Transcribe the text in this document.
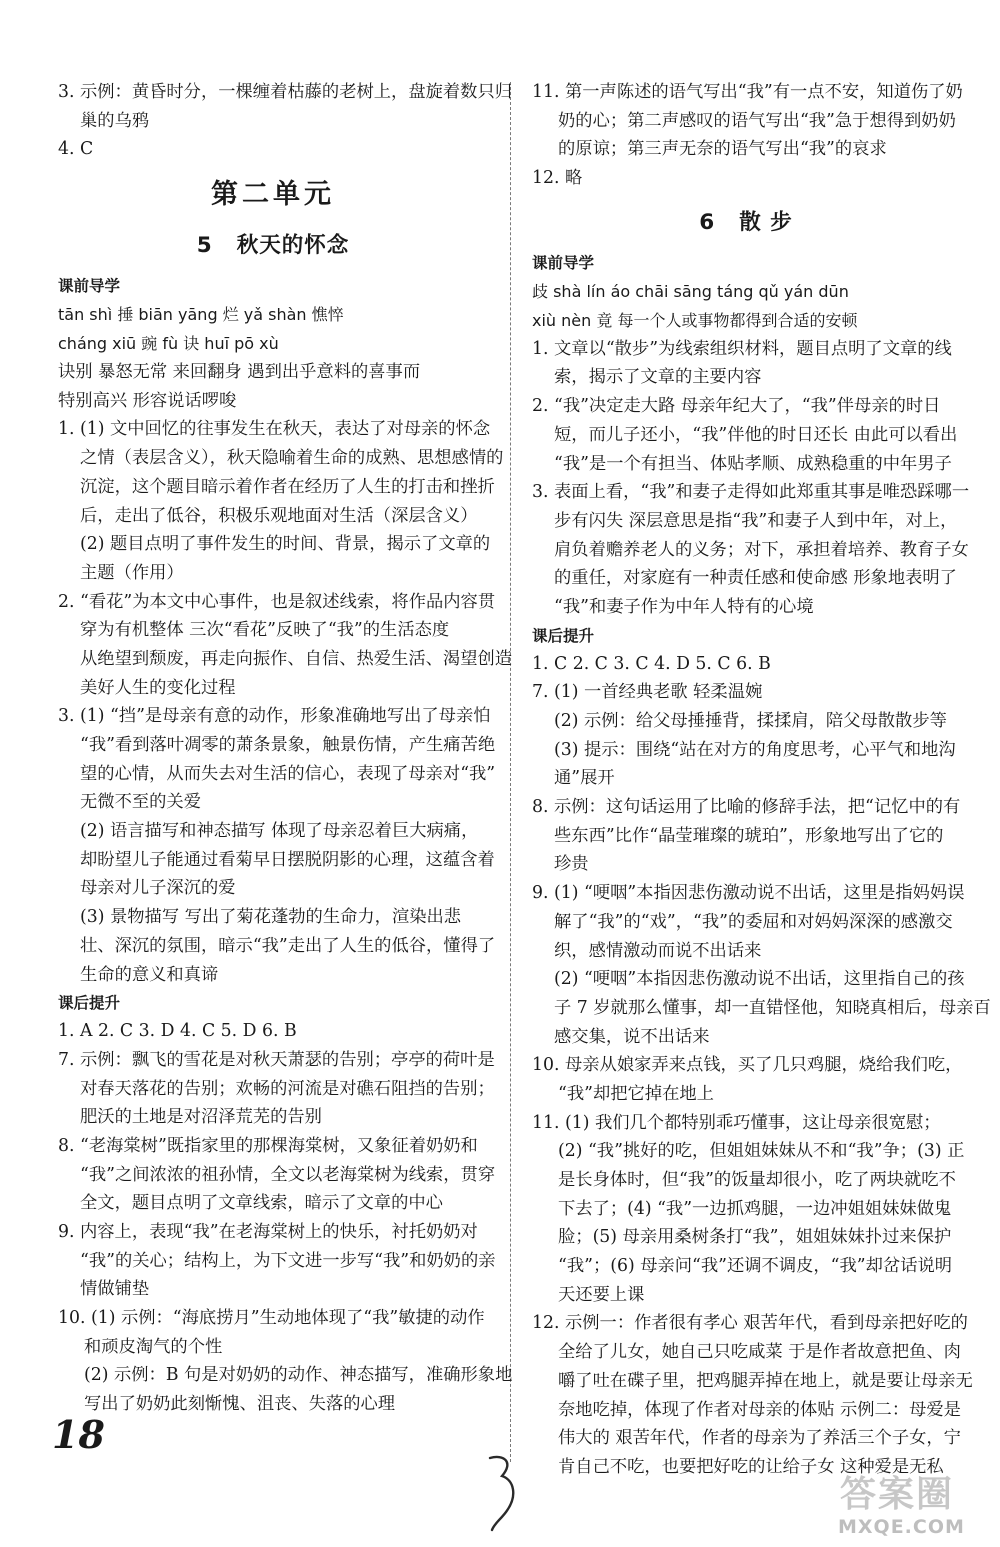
3. 示例：黄昏时分，一棵缠着枯藤的老树上，盘旋着数只归
巢的乌鸦
4. C
第二单元
5 秋天的怀念
课前导学
tān shì 捶 biān yāng 烂 yǎ shàn 憔悴
cháng xiū 豌 fù 诀 huī pō xù
诀别 暴怒无常 来回翻身 遇到出乎意料的喜事而
特别高兴 形容说话啰唆
1. (1) 文中回忆的往事发生在秋天，表达了对母亲的怀念
之情（表层含义），秋天隐喻着生命的成熟、思想感情的
沉淀，这个题目暗示着作者在经历了人生的打击和挫折
后，走出了低谷，积极乐观地面对生活（深层含义）
(2) 题目点明了事件发生的时间、背景，揭示了文章的
主题（作用）
2. “看花”为本文中心事件，也是叙述线索，将作品内容贯
穿为有机整体 三次“看花”反映了“我”的生活态度
从绝望到颓废，再走向振作、自信、热爱生活、渴望创造
美好人生的变化过程
3. (1) “挡”是母亲有意的动作，形象准确地写出了母亲怕
“我”看到落叶凋零的萧条景象，触景伤情，产生痛苦绝
望的心情，从而失去对生活的信心，表现了母亲对“我”
无微不至的关爱
(2) 语言描写和神态描写 体现了母亲忍着巨大病痛，
却盼望儿子能通过看菊早日摆脱阴影的心理，这蕴含着
母亲对儿子深沉的爱
(3) 景物描写 写出了菊花蓬勃的生命力，渲染出悲
壮、深沉的氛围，暗示“我”走出了人生的低谷，懂得了
生命的意义和真谛
课后提升
1. A 2. C 3. D 4. C 5. D 6. B
7. 示例：飘飞的雪花是对秋天萧瑟的告别；亭亭的荷叶是
对春天落花的告别；欢畅的河流是对礁石阻挡的告别；
肥沃的土地是对沼泽荒芜的告别
8. “老海棠树”既指家里的那棵海棠树，又象征着奶奶和
“我”之间浓浓的祖孙情，全文以老海棠树为线索，贯穿
全文，题目点明了文章线索，暗示了文章的中心
9. 内容上，表现“我”在老海棠树上的快乐，衬托奶奶对
“我”的关心；结构上，为下文进一步写“我”和奶奶的亲
情做铺垫
10. (1) 示例：“海底捞月”生动地体现了“我”敏捷的动作
和顽皮淘气的个性
(2) 示例：B 句是对奶奶的动作、神态描写，准确形象地
写出了奶奶此刻惭愧、沮丧、失落的心理
11. 第一声陈述的语气写出“我”有一点不安，知道伤了奶
奶的心；第二声感叹的语气写出“我”急于想得到奶奶
的原谅；第三声无奈的语气写出“我”的哀求
12. 略
6 散 步
课前导学
歧 shà lín áo chāi sāng táng qǔ yán dūn
xiù nèn 竟 每一个人或事物都得到合适的安顿
1. 文章以“散步”为线索组织材料，题目点明了文章的线
索，揭示了文章的主要内容
2. “我”决定走大路 母亲年纪大了，“我”伴母亲的时日
短，而儿子还小，“我”伴他的时日还长 由此可以看出
“我”是一个有担当、体贴孝顺、成熟稳重的中年男子
3. 表面上看，“我”和妻子走得如此郑重其事是唯恐踩哪一
步有闪失 深层意思是指“我”和妻子人到中年，对上，
肩负着赡养老人的义务；对下，承担着培养、教育子女
的重任，对家庭有一种责任感和使命感 形象地表明了
“我”和妻子作为中年人特有的心境
课后提升
1. C 2. C 3. C 4. D 5. C 6. B
7. (1) 一首经典老歌 轻柔温婉
(2) 示例：给父母捶捶背，揉揉肩，陪父母散散步等
(3) 提示：围绕“站在对方的角度思考，心平气和地沟
通”展开
8. 示例：这句话运用了比喻的修辞手法，把“记忆中的有
些东西”比作“晶莹璀璨的琥珀”，形象地写出了它的
珍贵
9. (1) “哽咽”本指因悲伤激动说不出话，这里是指妈妈误
解了“我”的“戏”，“我”的委屈和对妈妈深深的感激交
织，感情激动而说不出话来
(2) “哽咽”本指因悲伤激动说不出话，这里指自己的孩
子 7 岁就那么懂事，却一直错怪他，知晓真相后，母亲百
感交集，说不出话来
10. 母亲从娘家弄来点钱，买了几只鸡腿，烧给我们吃，
“我”却把它掉在地上
11. (1) 我们几个都特别乖巧懂事，这让母亲很宽慰；
(2) “我”挑好的吃，但姐姐妹妹从不和“我”争；(3) 正
是长身体时，但“我”的饭量却很小，吃了两块就吃不
下去了；(4) “我”一边抓鸡腿，一边冲姐姐妹妹做鬼
脸；(5) 母亲用桑树条打“我”，姐姐妹妹扑过来保护
“我”；(6) 母亲问“我”还调不调皮，“我”却岔话说明
天还要上课
12. 示例一：作者很有孝心 艰苦年代，看到母亲把好吃的
全给了儿女，她自己只吃咸菜 于是作者故意把鱼、肉
嚼了吐在碟子里，把鸡腿弄掉在地上，就是要让母亲无
奈地吃掉，体现了作者对母亲的体贴 示例二：母爱是
伟大的 艰苦年代，作者的母亲为了养活三个子女，宁
肯自己不吃，也要把好吃的让给子女 这种爱是无私
18
答案圈
MXQE.COM
